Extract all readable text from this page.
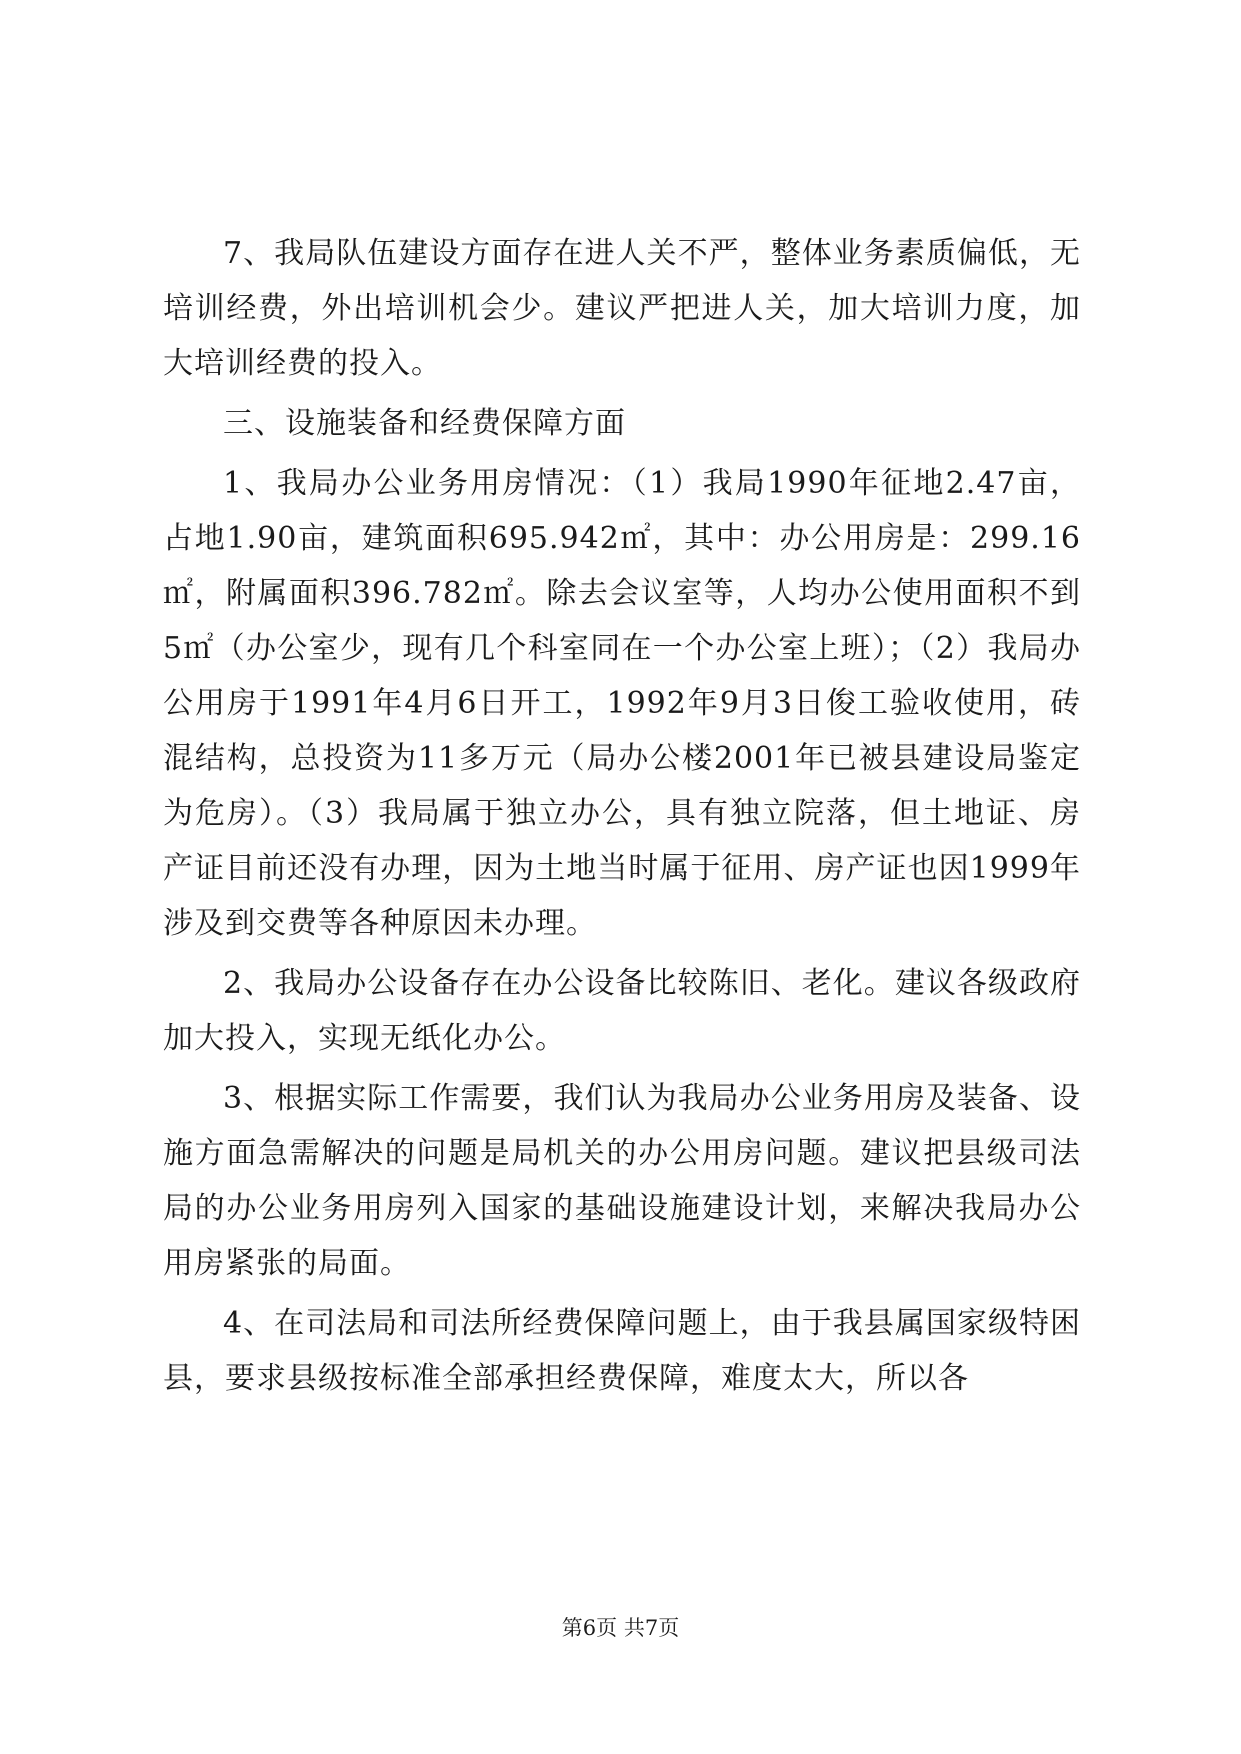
7、我局队伍建设方面存在进人关不严，整体业务素质偏低，无培训经费，外出培训机会少。建议严把进人关，加大培训力度，加大培训经费的投入。

三、设施装备和经费保障方面

1、我局办公业务用房情况：（1）我局1990年征地2.47亩，占地1.90亩，建筑面积695.942㎡，其中：办公用房是：299.16㎡，附属面积396.782㎡。除去会议室等，人均办公使用面积不到5㎡（办公室少，现有几个科室同在一个办公室上班）；（2）我局办公用房于1991年4月6日开工，1992年9月3日俊工验收使用，砖混结构，总投资为11多万元（局办公楼2001年已被县建设局鉴定为危房）。（3）我局属于独立办公，具有独立院落，但土地证、房产证目前还没有办理，因为土地当时属于征用、房产证也因1999年涉及到交费等各种原因未办理。

2、我局办公设备存在办公设备比较陈旧、老化。建议各级政府加大投入，实现无纸化办公。

3、根据实际工作需要，我们认为我局办公业务用房及装备、设施方面急需解决的问题是局机关的办公用房问题。建议把县级司法局的办公业务用房列入国家的基础设施建设计划，来解决我局办公用房紧张的局面。

4、在司法局和司法所经费保障问题上，由于我县属国家级特困县，要求县级按标准全部承担经费保障，难度太大，所以各

第6页 共7页
